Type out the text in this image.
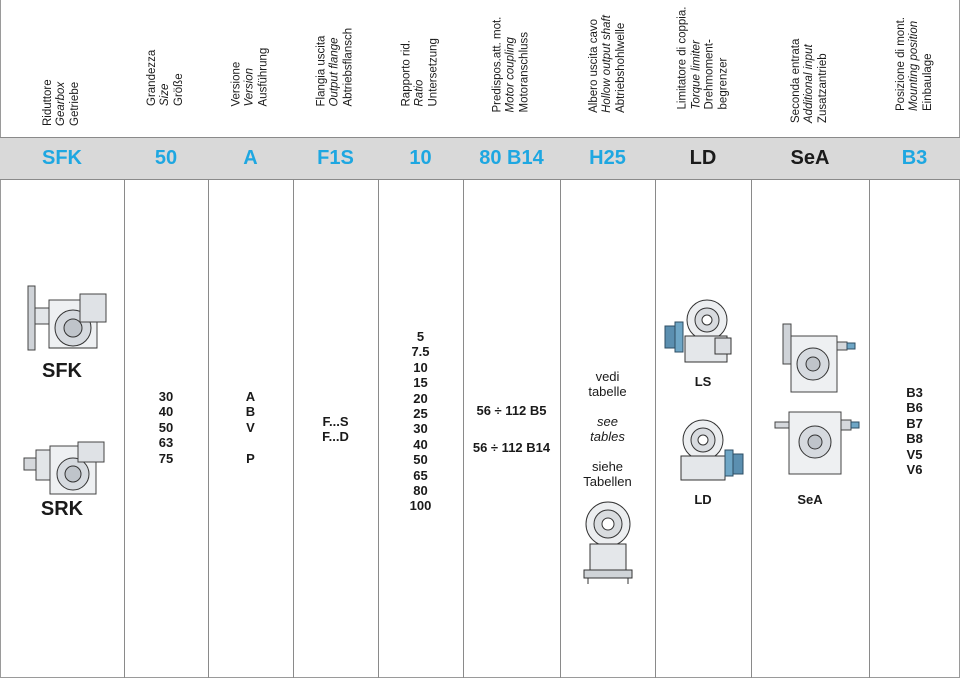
Riduttore Gearbox Getriebe
SFK
SFK
SRK
Grandezza Size Größe
50
30
40
50
63
75
Versione Version Ausführung
A
A
B
V
P
Flangia uscita Output flange Abtriebsflansch
F1S
F...S
F...D
Rapporto rid. Ratio Untersetzung
10
5
7.5
10
15
20
25
30
40
50
65
80
100
Predispos.att. mot. Motor coupling Motoranschluss
80 B14
56 ÷ 112 B5
56 ÷ 112 B14
Albero uscita cavo Hollow output shaft Abtriebshohlwelle
H25
vedi
tabelle
see
tables
siehe
Tabellen
Limitatore di coppia. Torque limiter Drehmoment- begrenzer
LD
LS
LD
Seconda entrata Additional input Zusatzantrieb
SeA
SeA
Posizione di mont. Mounting position Einbaulage
B3
B3
B6
B7
B8
V5
V6
